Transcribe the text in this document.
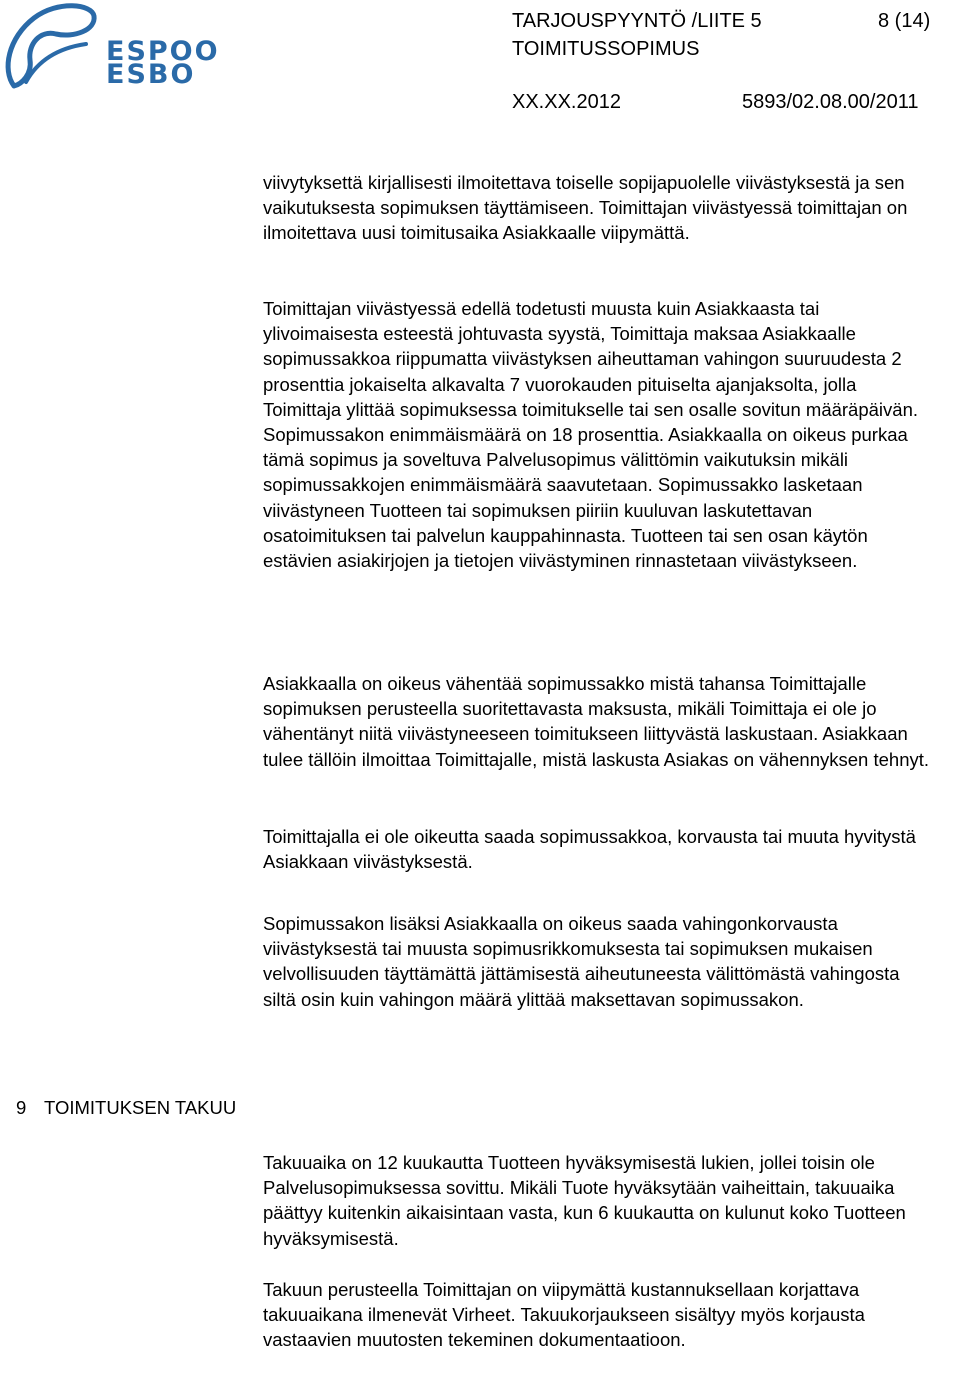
ESPOO
ESBO
TARJOUSPYYNTÖ /LIITE 5
TOIMITUSSOPIMUS
8 (14)
XX.XX.2012	5893/02.08.00/2011

viivytyksettä kirjallisesti ilmoitettava toiselle sopijapuolelle viivästyksestä ja sen vaikutuksesta sopimuksen täyttämiseen. Toimittajan viivästyessä toimittajan on ilmoitettava uusi toimitusaika Asiakkaalle viipymättä.

Toimittajan viivästyessä edellä todetusti muusta kuin Asiakkaasta tai ylivoimaisesta esteestä johtuvasta syystä, Toimittaja maksaa Asiakkaalle sopimussakkoa riippumatta viivästyksen aiheuttaman vahingon suuruudesta 2 prosenttia jokaiselta alkavalta 7 vuorokauden pituiselta ajanjaksolta, jolla Toimittaja ylittää sopimuksessa toimitukselle tai sen osalle sovitun määräpäivän. Sopimussakon enimmäismäärä on 18 prosenttia. Asiakkaalla on oikeus purkaa tämä sopimus ja soveltuva Palvelusopimus välittömin vaikutuksin mikäli sopimussakkojen enimmäismäärä saavutetaan. Sopimussakko lasketaan viivästyneen Tuotteen tai sopimuksen piiriin kuuluvan laskutettavan osatoimituksen tai palvelun kauppahinnasta. Tuotteen tai sen osan käytön estävien asiakirjojen ja tietojen viivästyminen rinnastetaan viivästykseen.

Asiakkaalla on oikeus vähentää sopimussakko mistä tahansa Toimittajalle sopimuksen perusteella suoritettavasta maksusta, mikäli Toimittaja ei ole jo vähentänyt niitä viivästyneeseen toimitukseen liittyvästä laskustaan. Asiakkaan tulee tällöin ilmoittaa Toimittajalle, mistä laskusta Asiakas on vähennyksen tehnyt.

Toimittajalla ei ole oikeutta saada sopimussakkoa, korvausta tai muuta hyvitystä Asiakkaan viivästyksestä.

Sopimussakon lisäksi Asiakkaalla on oikeus saada vahingonkorvausta viivästyksestä tai muusta sopimusrikkomuksesta tai sopimuksen mukaisen velvollisuuden täyttämättä jättämisestä aiheutuneesta välittömästä vahingosta siltä osin kuin vahingon määrä ylittää maksettavan sopimussakon.

9 TOIMITUKSEN TAKUU

Takuuaika on 12 kuukautta Tuotteen hyväksymisestä lukien, jollei toisin ole Palvelusopimuksessa sovittu. Mikäli Tuote hyväksytään vaiheittain, takuuaika päättyy kuitenkin aikaisintaan vasta, kun 6 kuukautta on kulunut koko Tuotteen hyväksymisestä.

Takuun perusteella Toimittajan on viipymättä kustannuksellaan korjattava takuuaikana ilmenevät Virheet. Takuukorjaukseen sisältyy myös korjausta vastaavien muutosten tekeminen dokumentaatioon.
